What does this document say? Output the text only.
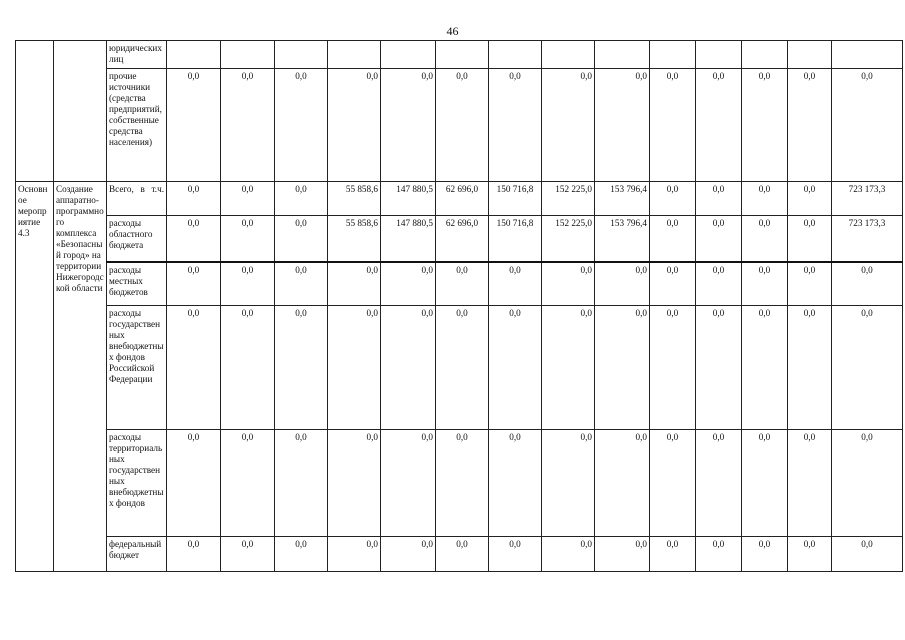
46
		юридических лиц														
		прочие источники (средства предприятий, собственные средства населения)	0,0	0,0	0,0	0,0	0,0	0,0	0,0	0,0	0,0	0,0	0,0	0,0	0,0	0,0
Основное мероприятие 4.3	Создание аппаратно-программного комплекса «Безопасный город» на территории Нижегородской области	Всего, в т.ч.	0,0	0,0	0,0	55 858,6	147 880,5	62 696,0	150 716,8	152 225,0	153 796,4	0,0	0,0	0,0	0,0	723 173,3
		расходы областного бюджета	0,0	0,0	0,0	55 858,6	147 880,5	62 696,0	150 716,8	152 225,0	153 796,4	0,0	0,0	0,0	0,0	723 173,3
		расходы местных бюджетов	0,0	0,0	0,0	0,0	0,0	0,0	0,0	0,0	0,0	0,0	0,0	0,0	0,0	0,0
		расходы государственных внебюджетных фондов Российской Федерации	0,0	0,0	0,0	0,0	0,0	0,0	0,0	0,0	0,0	0,0	0,0	0,0	0,0	0,0
		расходы территориальных государственных внебюджетных фондов	0,0	0,0	0,0	0,0	0,0	0,0	0,0	0,0	0,0	0,0	0,0	0,0	0,0	0,0
		федеральный бюджет	0,0	0,0	0,0	0,0	0,0	0,0	0,0	0,0	0,0	0,0	0,0	0,0	0,0	0,0
